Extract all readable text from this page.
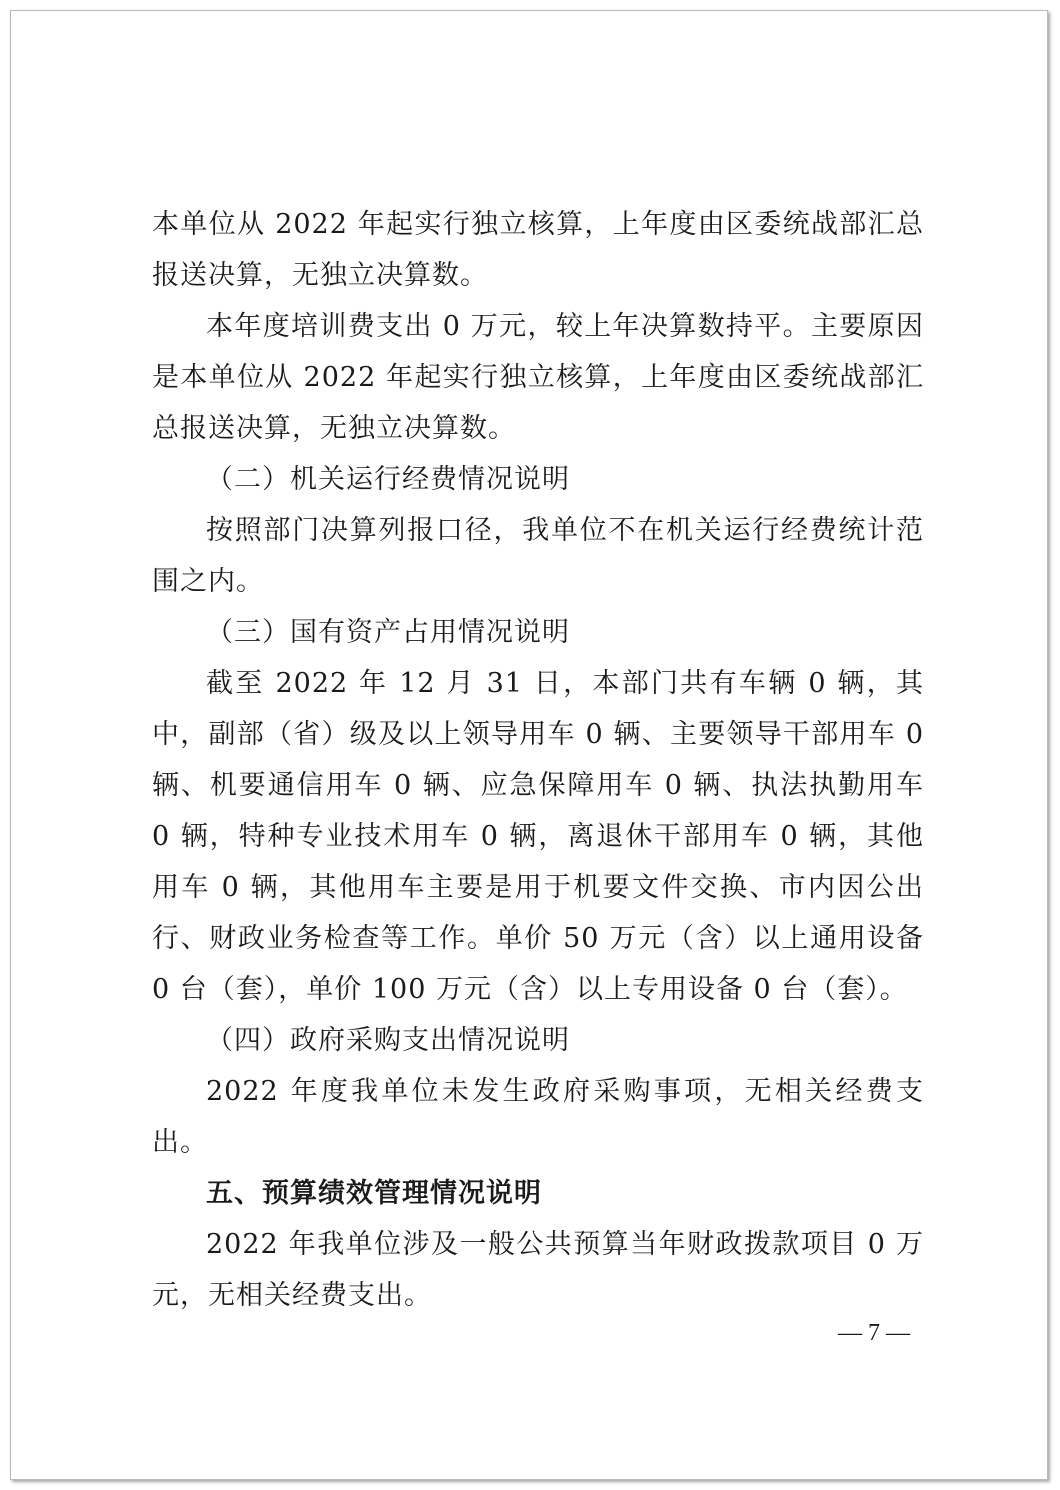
本单位从 2022 年起实行独立核算，上年度由区委统战部汇总报送决算，无独立决算数。

本年度培训费支出 0 万元，较上年决算数持平。主要原因是本单位从 2022 年起实行独立核算，上年度由区委统战部汇总报送决算，无独立决算数。

（二）机关运行经费情况说明

按照部门决算列报口径，我单位不在机关运行经费统计范围之内。

（三）国有资产占用情况说明

截至 2022 年 12 月 31 日，本部门共有车辆 0 辆，其中，副部（省）级及以上领导用车 0 辆、主要领导干部用车 0 辆、机要通信用车 0 辆、应急保障用车 0 辆、执法执勤用车 0 辆，特种专业技术用车 0 辆，离退休干部用车 0 辆，其他用车 0 辆，其他用车主要是用于机要文件交换、市内因公出行、财政业务检查等工作。单价 50 万元（含）以上通用设备 0 台（套），单价 100 万元（含）以上专用设备 0 台（套）。

（四）政府采购支出情况说明

2022 年度我单位未发生政府采购事项，无相关经费支出。

五、预算绩效管理情况说明

2022 年我单位涉及一般公共预算当年财政拨款项目 0 万元，无相关经费支出。

— 7 —
